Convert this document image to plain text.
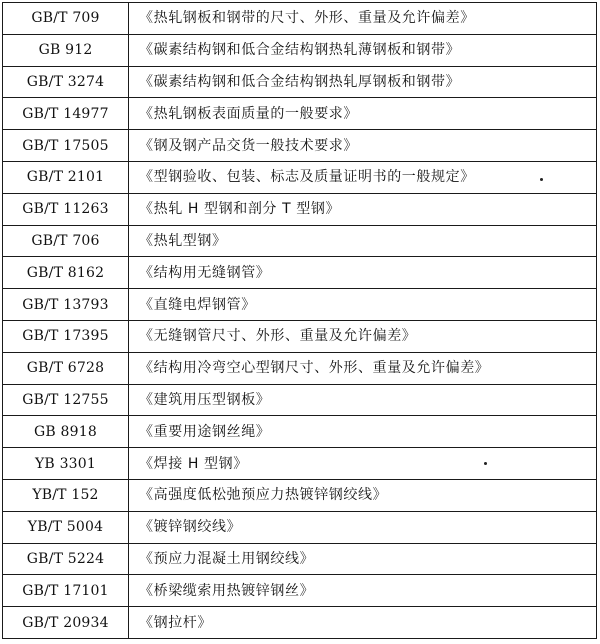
GB/T 709	《热轧钢板和钢带的尺寸、外形、重量及允许偏差》
GB 912	《碳素结构钢和低合金结构钢热轧薄钢板和钢带》
GB/T 3274	《碳素结构钢和低合金结构钢热轧厚钢板和钢带》
GB/T 14977	《热轧钢板表面质量的一般要求》
GB/T 17505	《钢及钢产品交货一般技术要求》
GB/T 2101	《型钢验收、包装、标志及质量证明书的一般规定》
GB/T 11263	《热轧 H 型钢和剖分 T 型钢》
GB/T 706	《热轧型钢》
GB/T 8162	《结构用无缝钢管》
GB/T 13793	《直缝电焊钢管》
GB/T 17395	《无缝钢管尺寸、外形、重量及允许偏差》
GB/T 6728	《结构用冷弯空心型钢尺寸、外形、重量及允许偏差》
GB/T 12755	《建筑用压型钢板》
GB 8918	《重要用途钢丝绳》
YB 3301	《焊接 H 型钢》
YB/T 152	《高强度低松弛预应力热镀锌钢绞线》
YB/T 5004	《镀锌钢绞线》
GB/T 5224	《预应力混凝土用钢绞线》
GB/T 17101	《桥梁缆索用热镀锌钢丝》
GB/T 20934	《钢拉杆》
